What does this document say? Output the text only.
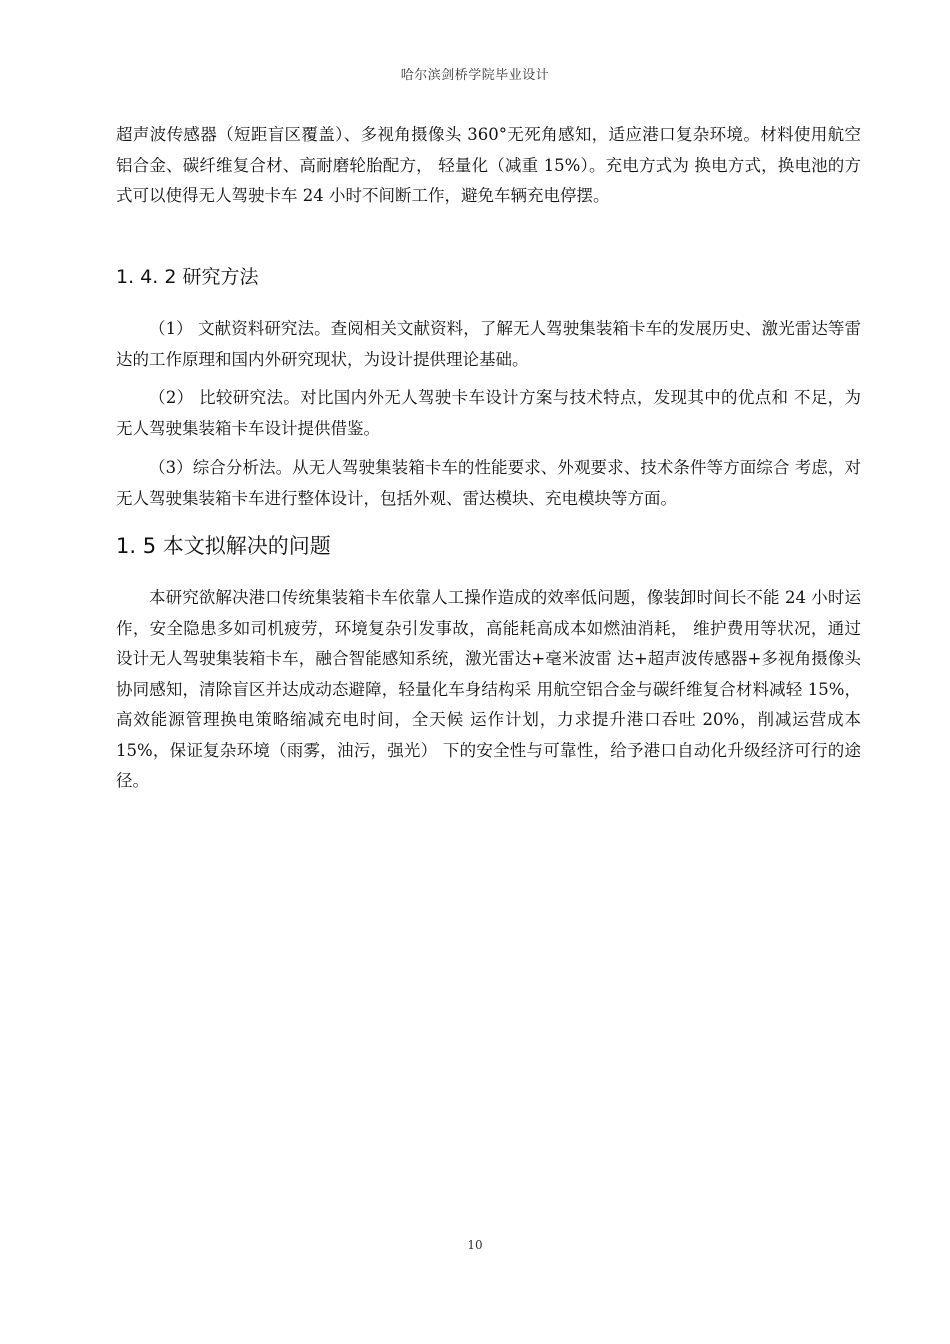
哈尔滨剑桥学院毕业设计

超声波传感器（短距盲区覆盖）、多视角摄像头 360°无死角感知，适应港口复杂环境。材料使用航空铝合金、碳纤维复合材、高耐磨轮胎配方， 轻量化（减重 15%）。充电方式为 换电方式，换电池的方式可以使得无人驾驶卡车 24 小时不间断工作，避免车辆充电停摆。

1. 4. 2 研究方法

（1） 文献资料研究法。查阅相关文献资料，了解无人驾驶集装箱卡车的发展历史、激光雷达等雷达的工作原理和国内外研究现状，为设计提供理论基础。

（2） 比较研究法。对比国内外无人驾驶卡车设计方案与技术特点，发现其中的优点和 不足，为无人驾驶集装箱卡车设计提供借鉴。

（3）综合分析法。从无人驾驶集装箱卡车的性能要求、外观要求、技术条件等方面综合 考虑，对无人驾驶集装箱卡车进行整体设计，包括外观、雷达模块、充电模块等方面。

1. 5 本文拟解决的问题

本研究欲解决港口传统集装箱卡车依靠人工操作造成的效率低问题，像装卸时间长不能 24 小时运作，安全隐患多如司机疲劳，环境复杂引发事故，高能耗高成本如燃油消耗， 维护费用等状况，通过设计无人驾驶集装箱卡车，融合智能感知系统，激光雷达+毫米波雷 达+超声波传感器+多视角摄像头协同感知，清除盲区并达成动态避障，轻量化车身结构采 用航空铝合金与碳纤维复合材料减轻 15%，高效能源管理换电策略缩减充电时间，全天候 运作计划，力求提升港口吞吐 20%，削减运营成本 15%，保证复杂环境（雨雾，油污，强光） 下的安全性与可靠性，给予港口自动化升级经济可行的途径。

10
